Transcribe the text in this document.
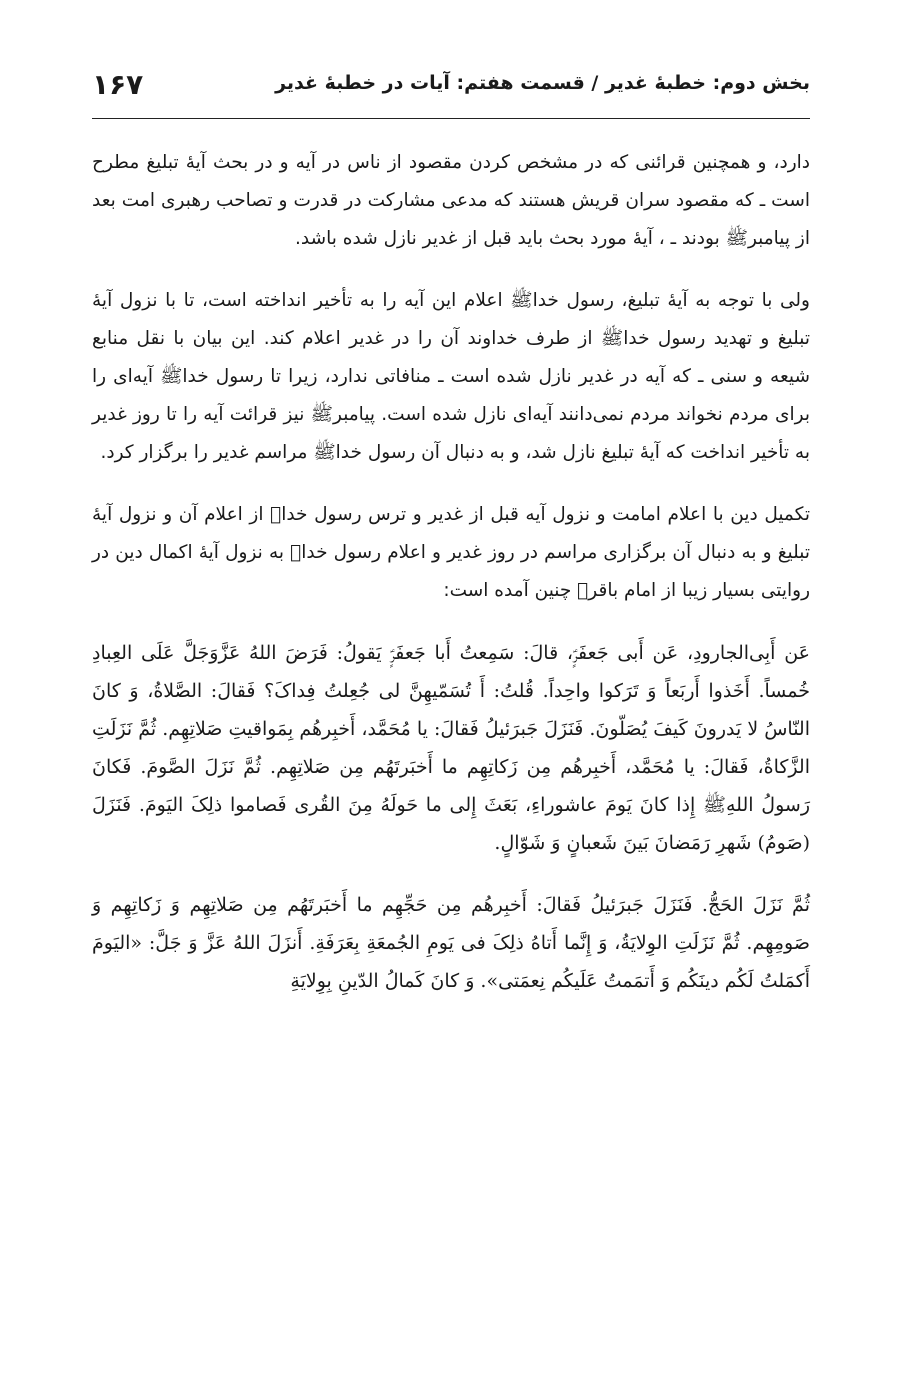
بخش دوم: خطبهٔ غدیر / قسمت هفتم: آیات در خطبهٔ غدیر
۱۶۷

دارد، و همچنین قرائنی که در مشخص کردن مقصود از ناس در آیه و در بحث آیهٔ تبلیغ مطرح است ـ که مقصود سران قریش هستند که مدعی مشارکت در قدرت و تصاحب رهبری امت بعد از پیامبرﷺ بودند ـ ، آیهٔ مورد بحث باید قبل از غدیر نازل شده باشد.

ولی با توجه به آیهٔ تبلیغ، رسول خداﷺ اعلام این آیه را به تأخیر انداخته است، تا با نزول آیهٔ تبلیغ و تهدید رسول خداﷺ از طرف خداوند آن را در غدیر اعلام کند. این بیان با نقل منابع شیعه و سنی ـ که آیه در غدیر نازل شده است ـ منافاتی ندارد، زیرا تا رسول خداﷺ آیه‌ای را برای مردم نخواند مردم نمی‌دانند آیه‌ای نازل شده است. پیامبرﷺ نیز قرائت آیه را تا روز غدیر به تأخیر انداخت که آیهٔ تبلیغ نازل شد، و به دنبال آن رسول خداﷺ مراسم غدیر را برگزار کرد.

تکمیل دین با اعلام امامت و نزول آیه قبل از غدیر و ترس رسول خداﷺ از اعلام آن و نزول آیهٔ تبلیغ و به دنبال آن برگزاری مراسم در روز غدیر و اعلام رسول خداﷺ به نزول آیهٔ اکمال دین در روایتی بسیار زیبا از امام باقرؑ چنین آمده است:

عَن أَبِی‌الجارودِ، عَن أَبی جَعفَرٍؑ، قالَ: سَمِعتُ أَبا جَعفَرٍؑ یَقولُ: فَرَضَ اللهُ عَزَّوَجَلَّ عَلَی العِبادِ خُمساً. أَخَذوا أَربَعاً وَ تَرَکوا واحِداً. قُلتُ: أَ تُسَمّیهِنَّ لی جُعِلتُ فِداکَ؟ فَقالَ: الصَّلاةُ، وَ کانَ النّاسُ لا یَدرونَ کَیفَ یُصَلّونَ. فَنَزَلَ جَبرَئیلُ فَقالَ: یا مُحَمَّد، أَخبِرهُم بِمَواقیتِ صَلاتِهِم. ثُمَّ نَزَلَتِ الزَّکاةُ، فَقالَ: یا مُحَمَّد، أَخبِرهُم مِن زَکاتِهِم ما أَخبَرتَهُم مِن صَلاتِهِم. ثُمَّ نَزَلَ الصَّومَ. فَکانَ رَسولُ اللهِﷺ إِذا کانَ یَومَ عاشوراءِ، بَعَثَ إِلی ما حَولَهُ مِنَ القُری فَصاموا ذلِکَ الیَومَ. فَنَزَلَ (صَومُ) شَهرِ رَمَضانَ بَینَ شَعبانٍ وَ شَوّالٍ.

ثُمَّ نَزَلَ الحَجُّ. فَنَزَلَ جَبرَئیلُ فَقالَ: أَخبِرهُم مِن حَجِّهِم ما أَخبَرتَهُم مِن صَلاتِهِم وَ زَکاتِهِم وَ صَومِهِم. ثُمَّ نَزَلَتِ الوِلایَةُ، وَ إِنَّما أَتاهُ ذلِکَ فی یَومِ الجُمعَةِ بِعَرَفَةِ. أَنزَلَ اللهُ عَزَّ وَ جَلَّ: «الیَومَ أَکمَلتُ لَکُم دینَکُم وَ أَتمَمتُ عَلَیکُم نِعمَتی». وَ کانَ کَمالُ الدّینِ بِوِلایَةِ
